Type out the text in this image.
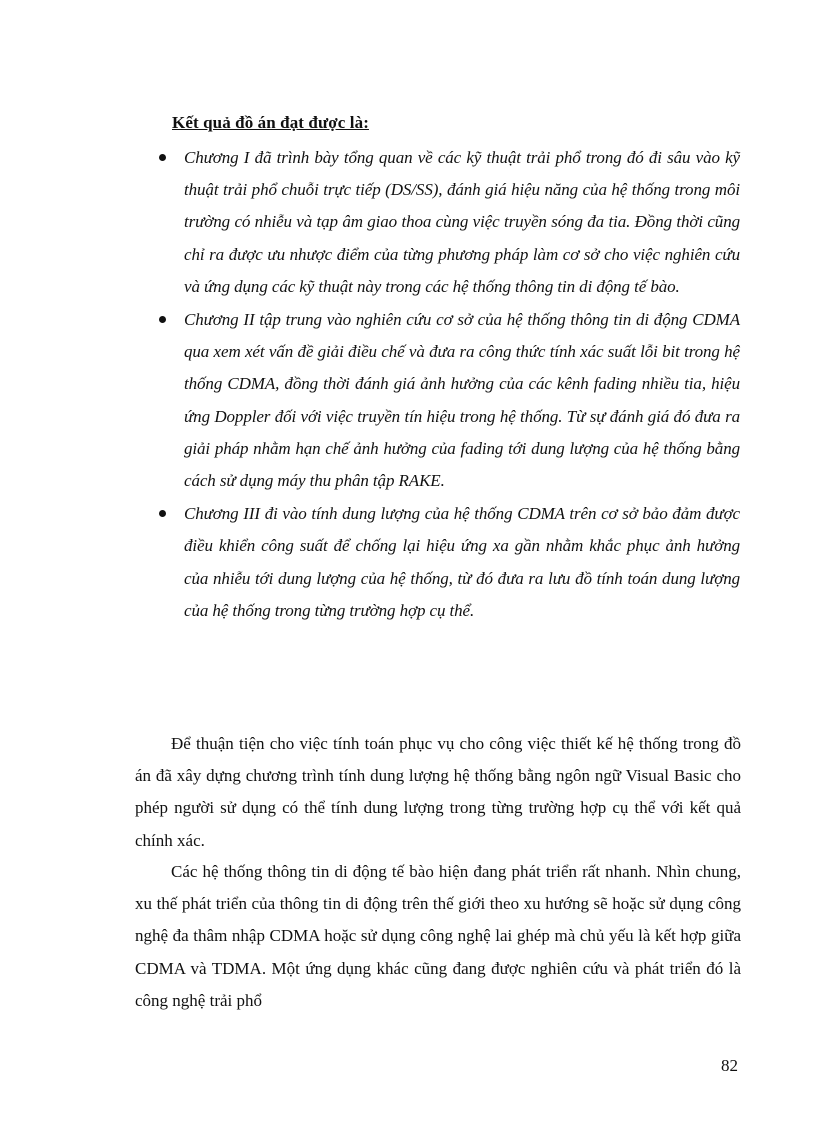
Kết quả đồ án đạt được là:
Chương I đã trình bày tổng quan về các kỹ thuật trải phổ trong đó đi sâu vào kỹ thuật trải phổ chuỗi trực tiếp (DS/SS), đánh giá hiệu năng của hệ thống trong môi trường có nhiễu và tạp âm giao thoa cùng việc truyền sóng đa tia. Đồng thời cũng chỉ ra được ưu nhược điểm của từng phương pháp làm cơ sở cho việc nghiên cứu và ứng dụng các kỹ thuật này trong các hệ thống thông tin di động tế bào.
Chương II tập trung vào nghiên cứu cơ sở của hệ thống thông tin di động CDMA qua xem xét vấn đề giải điều chế và đưa ra công thức tính xác suất lỗi bit trong hệ thống CDMA, đồng thời đánh giá ảnh hưởng của các kênh fading nhiều tia, hiệu ứng Doppler đối với việc truyền tín hiệu trong hệ thống. Từ sự đánh giá đó đưa ra giải pháp nhằm hạn chế ảnh hưởng của fading tới dung lượng của hệ thống bằng cách sử dụng máy thu phân tập RAKE.
Chương III đi vào tính dung lượng của hệ thống CDMA trên cơ sở bảo đảm được điều khiển công suất để chống lại hiệu ứng xa gần nhằm khắc phục ảnh hưởng của nhiễu tới dung lượng của hệ thống, từ đó đưa ra lưu đồ tính toán dung lượng của hệ thống trong từng trường hợp cụ thể.

Để thuận tiện cho việc tính toán phục vụ cho công việc thiết kế hệ thống trong đồ án đã xây dựng chương trình tính dung lượng hệ thống bằng ngôn ngữ Visual Basic cho phép người sử dụng có thể tính dung lượng trong từng trường hợp cụ thể với kết quả chính xác.

Các hệ thống thông tin di động tế bào hiện đang phát triển rất nhanh. Nhìn chung, xu thế phát triển của thông tin di động trên thế giới theo xu hướng sẽ hoặc sử dụng công nghệ đa thâm nhập CDMA hoặc sử dụng công nghệ lai ghép mà chủ yếu là kết hợp giữa CDMA và TDMA. Một ứng dụng khác cũng đang được nghiên cứu và phát triển đó là công nghệ trải phổ

82
